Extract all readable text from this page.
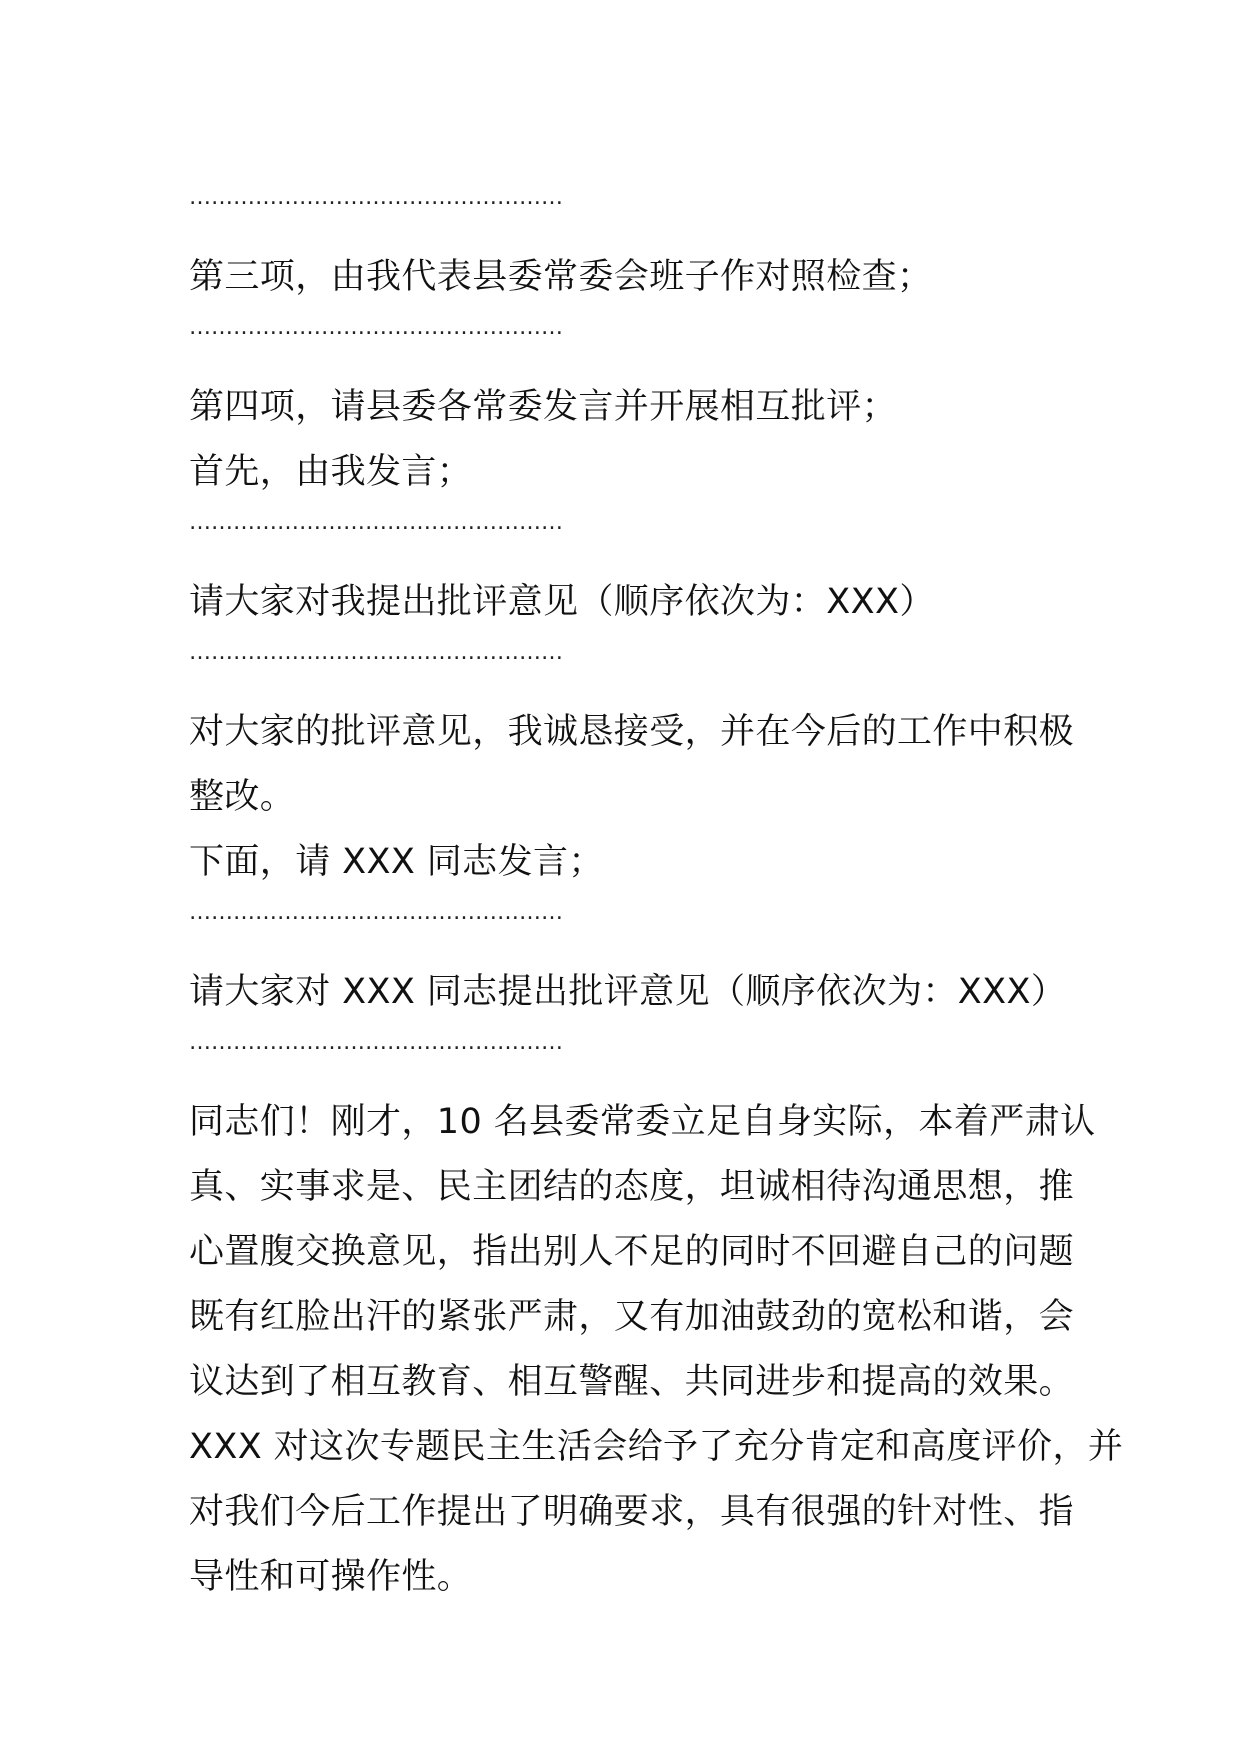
……………………………………………
第三项，由我代表县委常委会班子作对照检查；
……………………………………………
第四项，请县委各常委发言并开展相互批评；
首先，由我发言；
……………………………………………
请大家对我提出批评意见（顺序依次为：XXX）
……………………………………………
对大家的批评意见，我诚恳接受，并在今后的工作中积极
整改。
下面，请 XXX 同志发言；
……………………………………………
请大家对 XXX 同志提出批评意见（顺序依次为：XXX）
……………………………………………
同志们！刚才，10 名县委常委立足自身实际，本着严肃认
真、实事求是、民主团结的态度，坦诚相待沟通思想，推
心置腹交换意见，指出别人不足的同时不回避自己的问题
既有红脸出汗的紧张严肃，又有加油鼓劲的宽松和谐，会
议达到了相互教育、相互警醒、共同进步和提高的效果。
XXX 对这次专题民主生活会给予了充分肯定和高度评价，并
对我们今后工作提出了明确要求，具有很强的针对性、指
导性和可操作性。
